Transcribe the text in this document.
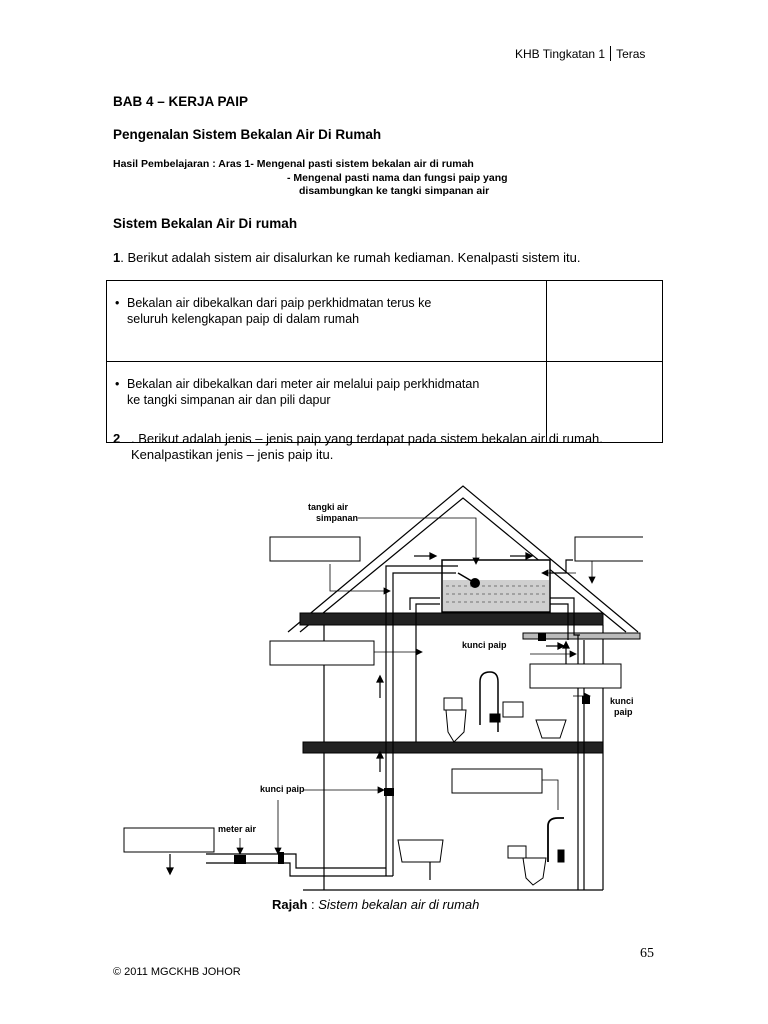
KHB Tingkatan 1 Teras
BAB 4 – KERJA PAIP
Pengenalan Sistem Bekalan Air Di Rumah
Hasil Pembelajaran : Aras 1- Mengenal pasti sistem bekalan air di rumah
- Mengenal pasti nama dan fungsi paip yang
disambungkan ke tangki simpanan air
Sistem Bekalan Air Di rumah
1. Berikut adalah sistem air disalurkan ke rumah kediaman. Kenalpasti sistem itu.
• Bekalan air dibekalkan dari paip perkhidmatan terus ke
seluruh kelengkapan paip di dalam rumah	

• Bekalan air dibekalkan dari meter air melalui paip perkhidmatan
ke tangki simpanan air dan pili dapur	

2 . Berikut adalah jenis – jenis paip yang terdapat pada sistem bekalan air di rumah.
Kenalpastikan jenis – jenis paip itu.
tangki air
simpanan
kunci paip
kunci
paip
kunci paip
meter air
Rajah : Sistem bekalan air di rumah
65
© 2011 MGCKHB JOHOR
